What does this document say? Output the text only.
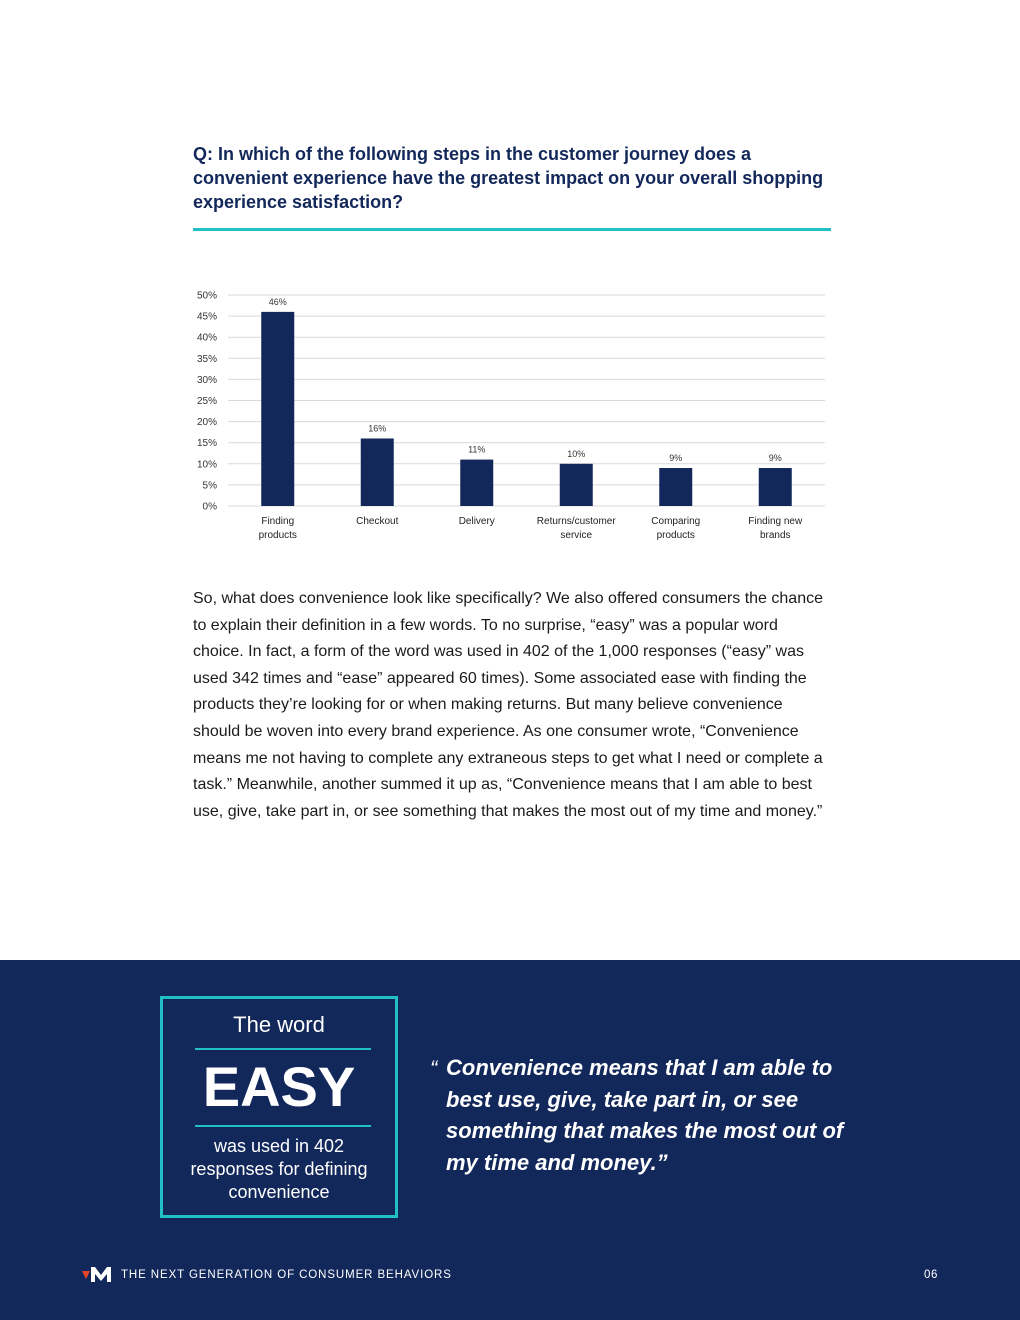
Q: In which of the following steps in the customer journey does a convenient experience have the greatest impact on your overall shopping experience satisfaction?
0%
5%
10%
15%
20%
25%
30%
35%
40%
45%
50%
46%
Finding products
16%
Checkout
11%
Delivery
10%
Returns/customer service
9%
Comparing products
9%
Finding new brands

So, what does convenience look like specifically? We also offered consumers the chance to explain their definition in a few words. To no surprise, “easy” was a popular word choice. In fact, a form of the word was used in 402 of the 1,000 responses (“easy” was used 342 times and “ease” appeared 60 times). Some associated ease with finding the products they’re looking for or when making returns. But many believe convenience should be woven into every brand experience. As one consumer wrote, “Convenience means me not having to complete any extraneous steps to get what I need or complete a task.” Meanwhile, another summed it up as, “Convenience means that I am able to best use, give, take part in, or see something that makes the most out of my time and money.”

The word
EASY
was used in 402 responses for defining convenience
“ Convenience means that I am able to best use, give, take part in, or see something that makes the most out of my time and money.”

THE NEXT GENERATION OF CONSUMER BEHAVIORS	06
